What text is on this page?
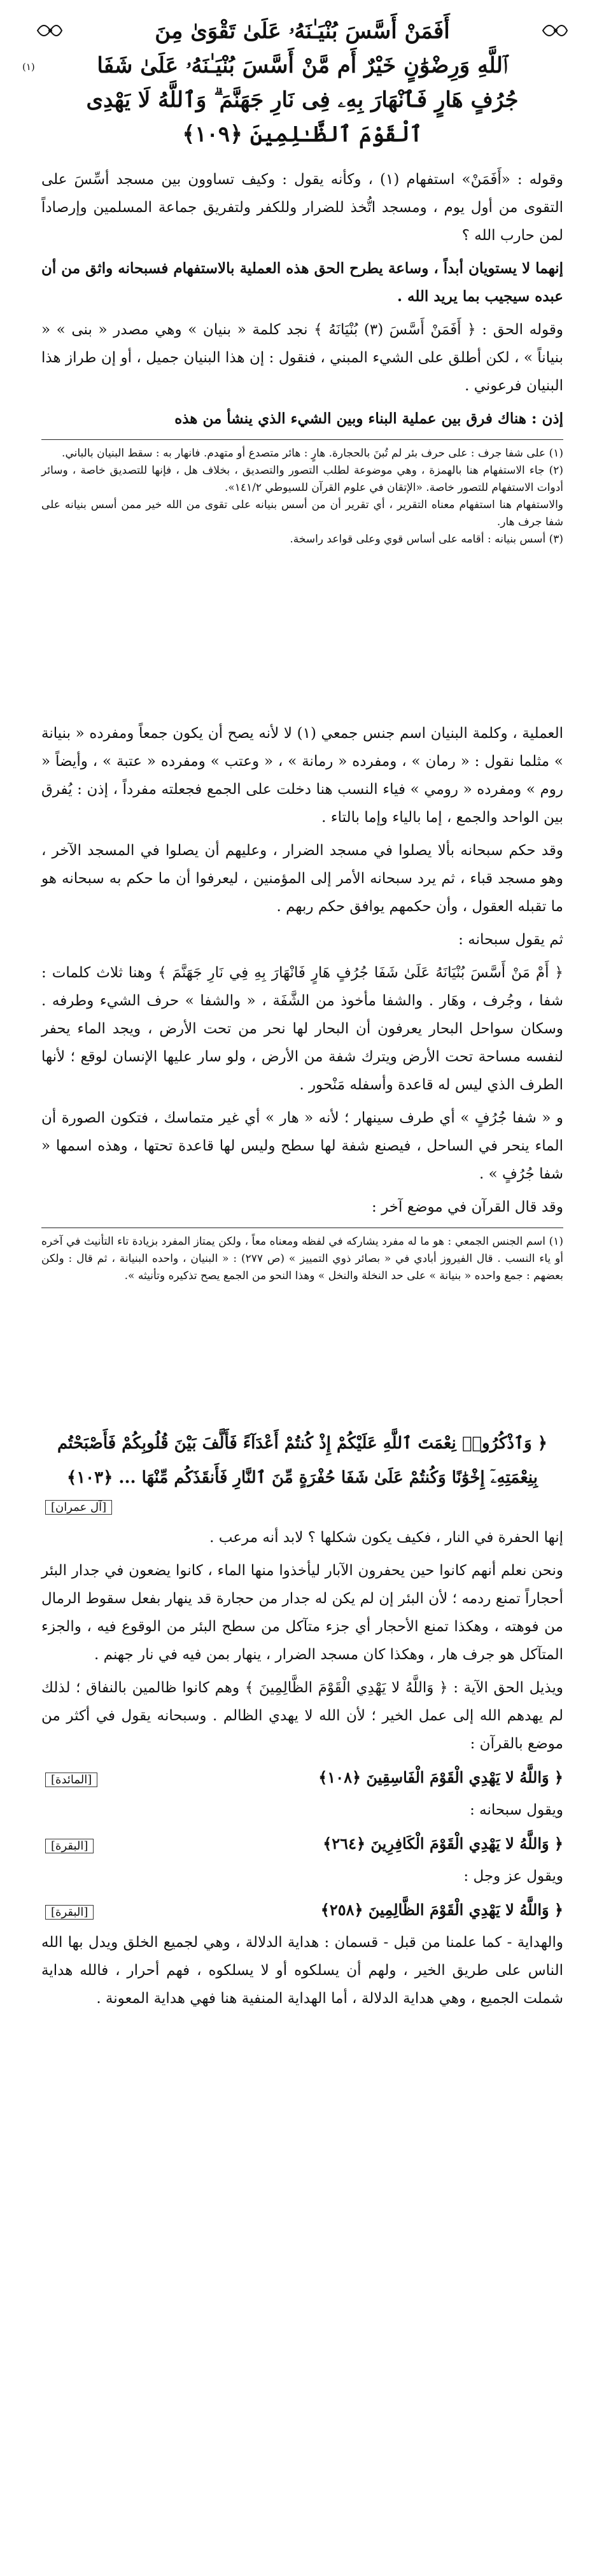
أَفَمَنْ أَسَّسَ بُنْيَـٰنَهُۥ عَلَىٰ تَقْوَىٰ مِنَ
ٱللَّهِ وَرِضْوَٰنٍ خَيْرٌ أَم مَّنْ أَسَّسَ بُنْيَـٰنَهُۥ عَلَىٰ شَفَا
جُرُفٍ هَارٍ فَٱنْهَارَ بِهِۦ فِى نَارِ جَهَنَّمَ ۗ وَٱللَّهُ لَا يَهْدِى
ٱلْقَوْمَ ٱلظَّـٰلِمِينَ ﴿١٠٩﴾
(١)

وقوله : «أَفَمَنْ» استفهام (١) ، وكأنه يقول : وكيف تساوون بين مسجد أسِّسَ على التقوى من أول يوم ، ومسجد اتُّخذ للضرار وللكفر ولتفريق جماعة المسلمين وإرصاداً لمن حارب الله ؟

إنهما لا يستويان أبداً ، وساعة يطرح الحق هذه العملية بالاستفهام فسبحانه واثق من أن عبده سيجيب بما يريد الله .

وقوله الحق : ﴿ أَفَمَنْ أَسَّسَ (٣) بُنْيَانَهُ ﴾ نجد كلمة « بنيان » وهي مصدر « بنى » « بنياناً » ، لكن أطلق على الشيء المبني ، فنقول : إن هذا البنيان جميل ، أو إن طراز هذا البنيان فرعوني .

إذن : هناك فرق بين عملية البناء وبين الشيء الذي ينشأ من هذه

(١) على شفا جرف : على حرف بئر لم تُبنَ بالحجارة. هارٍ : هائر متصدع أو متهدم. فانهار به : سقط البنيان بالباني.

(٢) جاء الاستفهام هنا بالهمزة ، وهي موضوعة لطلب التصور والتصديق ، بخلاف هل ، فإنها للتصديق خاصة ، وسائر أدوات الاستفهام للتصور خاصة. «الإتقان في علوم القرآن للسيوطي ١٤١/٢».

والاستفهام هنا استفهام معناه التقرير ، أي تقرير أن من أسس بنيانه على تقوى من الله خير ممن أسس بنيانه على شفا جرف هار.

(٣) أسس بنيانه : أقامه على أساس قوي وعلى قواعد راسخة.

العملية ، وكلمة البنيان اسم جنس جمعي (١) لا لأنه يصح أن يكون جمعاً ومفرده « بنيانة » مثلما نقول : « رمان » ، ومفرده « رمانة » ، « وعتب » ومفرده « عتبة » ، وأيضاً « روم » ومفرده « رومي » فياء النسب هنا دخلت على الجمع فجعلته مفرداً ، إذن : يُفرق بين الواحد والجمع ، إما بالياء وإما بالتاء .

وقد حكم سبحانه بألا يصلوا في مسجد الضرار ، وعليهم أن يصلوا في المسجد الآخر ، وهو مسجد قباء ، ثم يرد سبحانه الأمر إلى المؤمنين ، ليعرفوا أن ما حكم به سبحانه هو ما تقبله العقول ، وأن حكمهم يوافق حكم ربهم .

ثم يقول سبحانه :

﴿ أَمْ مَنْ أَسَّسَ بُنْيَانَهُ عَلَىٰ شَفَا جُرُفٍ هَارٍ فَانْهَارَ بِهِ فِي نَارِ جَهَنَّمَ ﴾ وهنا ثلاث كلمات : شفا ، وجُرف ، وهَار . والشفا مأخوذ من الشَّفَة ، « والشفا » حرف الشيء وطرفه . وسكان سواحل البحار يعرفون أن البحار لها نحر من تحت الأرض ، ويجد الماء يحفر لنفسه مساحة تحت الأرض ويترك شفة من الأرض ، ولو سار عليها الإنسان لوقع ؛ لأنها الطرف الذي ليس له قاعدة وأسفله مَنْحور .

و « شفا جُرُفٍ » أي طرف سينهار ؛ لأنه « هار » أي غير متماسك ، فتكون الصورة أن الماء ينحر في الساحل ، فيصنع شفة لها سطح وليس لها قاعدة تحتها ، وهذه اسمها « شفا جُرُفٍ » .

وقد قال القرآن في موضع آخر :

(١) اسم الجنس الجمعي : هو ما له مفرد يشاركه في لفظه ومعناه معاً ، ولكن يمتاز المفرد بزيادة تاء التأنيث في آخره أو ياء النسب . قال الفيروز أبادي في « بصائر ذوي التمييز » (ص ٢٧٧) : « البنيان ، واحده البنيانة ، ثم قال : ولكن بعضهم : جمع واحده « بنيانة » على حد النخلة والنخل » وهذا النحو من الجمع يصح تذكيره وتأنيثه ».

﴿ وَٱذْكُرُوا۟ نِعْمَتَ ٱللَّهِ عَلَيْكُمْ إِذْ كُنتُمْ أَعْدَآءً فَأَلَّفَ بَيْنَ قُلُوبِكُمْ فَأَصْبَحْتُم
بِنِعْمَتِهِۦٓ إِخْوَٰنًا وَكُنتُمْ عَلَىٰ شَفَا حُفْرَةٍ مِّنَ ٱلنَّارِ فَأَنقَذَكُم مِّنْهَا ... ﴿١٠٣﴾
[آل عمران]

إنها الحفرة في النار ، فكيف يكون شكلها ؟ لابد أنه مرعب .

ونحن نعلم أنهم كانوا حين يحفرون الآبار ليأخذوا منها الماء ، كانوا يضعون في جدار البئر أحجاراً تمنع ردمه ؛ لأن البئر إن لم يكن له جدار من حجارة قد ينهار بفعل سقوط الرمال من فوهته ، وهكذا تمنع الأحجار أي جزء متآكل من سطح البئر من الوقوع فيه ، والجزء المتآكل هو جرف هار ، وهكذا كان مسجد الضرار ، ينهار بمن فيه في نار جهنم .

ويذيل الحق الآية : ﴿ وَاللَّهُ لا يَهْدِي الْقَوْمَ الظَّالِمِينَ ﴾ وهم كانوا ظالمين بالنفاق ؛ لذلك لم يهدهم الله إلى عمل الخير ؛ لأن الله لا يهدي الظالم . وسبحانه يقول في أكثر من موضع بالقرآن :

﴿ وَاللَّهُ لا يَهْدِي الْقَوْمَ الْفَاسِقِينَ ﴿١٠٨﴾
[المائدة]

ويقول سبحانه :

﴿ وَاللَّهُ لا يَهْدِي الْقَوْمَ الْكَافِرِينَ ﴿٢٦٤﴾
[البقرة]

ويقول عز وجل :

﴿ وَاللَّهُ لا يَهْدِي الْقَوْمَ الظَّالِمِينَ ﴿٢٥٨﴾
[البقرة]

والهداية - كما علمنا من قبل - قسمان : هداية الدلالة ، وهي لجميع الخلق ويدل بها الله الناس على طريق الخير ، ولهم أن يسلكوه أو لا يسلكوه ، فهم أحرار ، فالله هداية شملت الجميع ، وهي هداية الدلالة ، أما الهداية المنفية هنا فهي هداية المعونة .
